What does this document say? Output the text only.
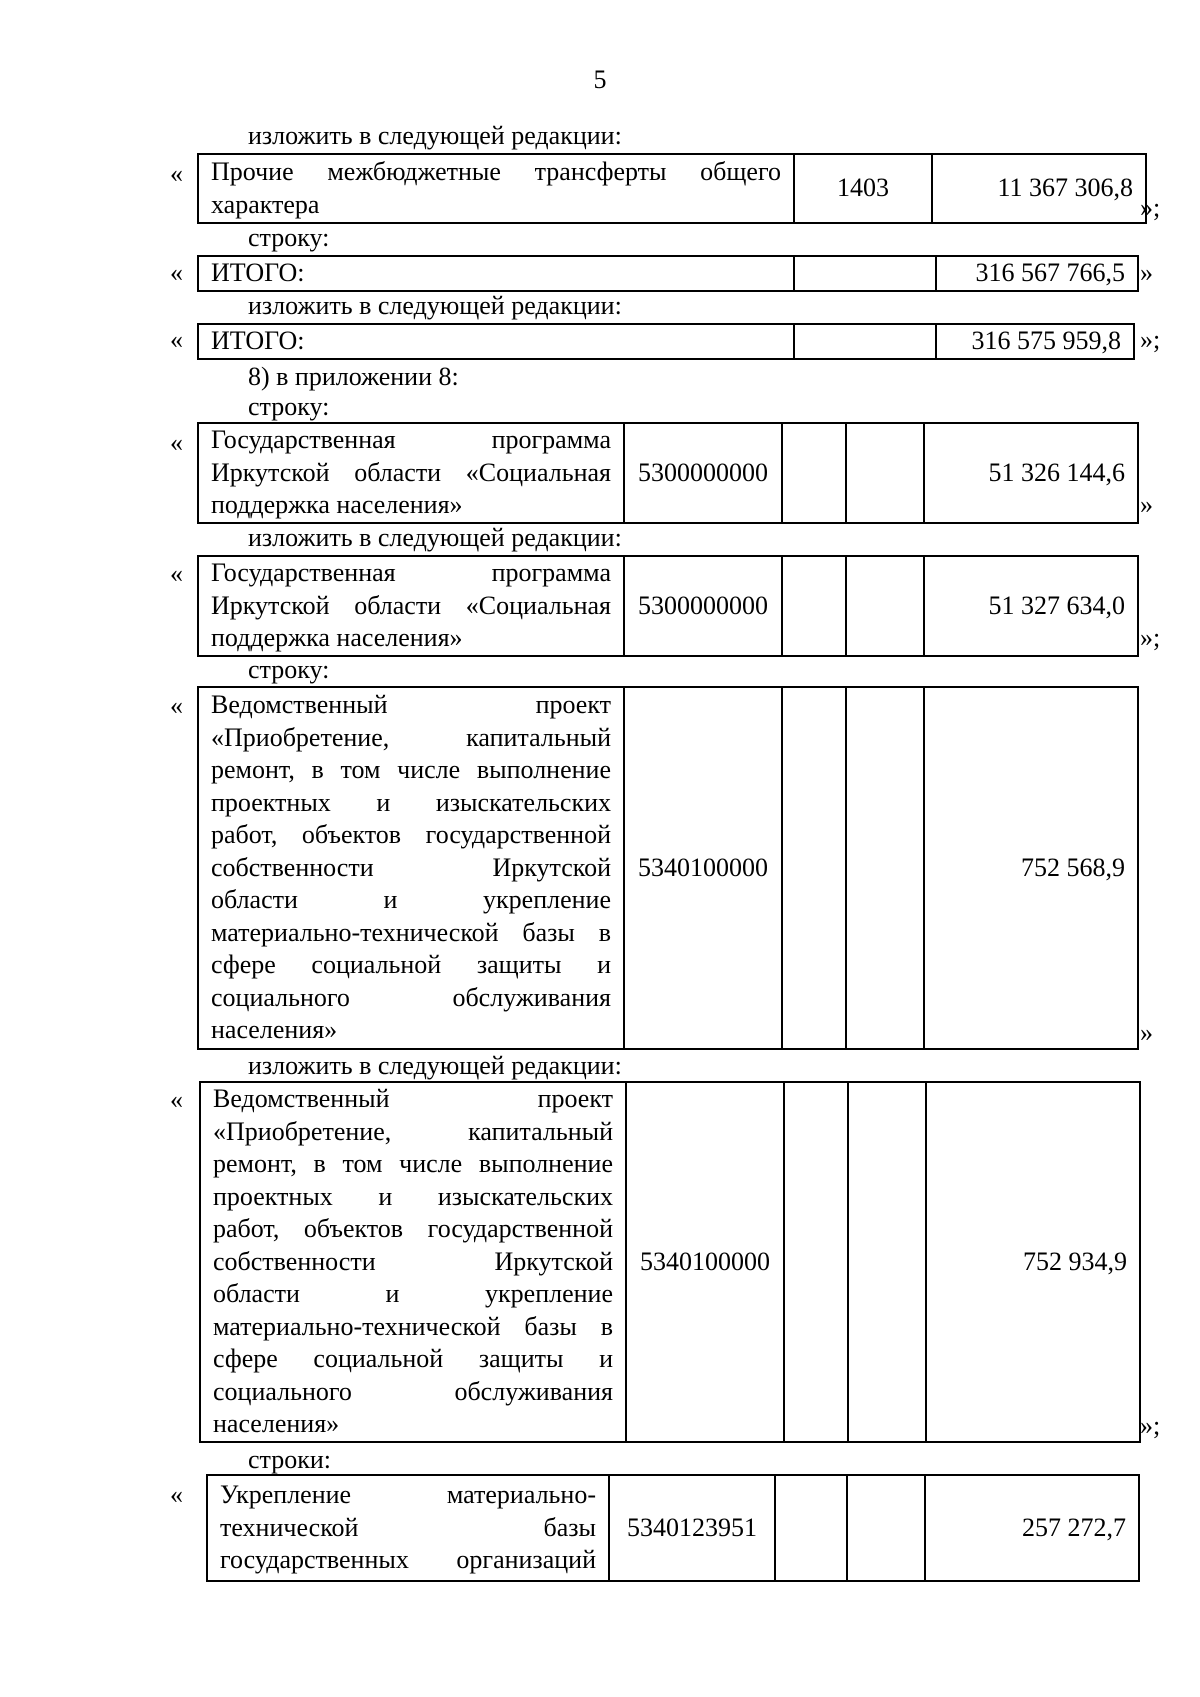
5
изложить в следующей редакции:
« Прочие межбюджетные трансферты общего
характера
	1403	11 367 306,8
»;
строку:
« ИТОГО:		316 567 766,5 »
изложить в следующей редакции:
« ИТОГО:		316 575 959,8 »;
8) в приложении 8:
строку:
« Государственная программа
Иркутской области «Социальная
поддержка населения»
	5300000000			51 326 144,6
»
изложить в следующей редакции:
« Государственная программа
Иркутской области «Социальная
поддержка населения»
	5300000000			51 327 634,0
»;
строку:
« Ведомственный проект
«Приобретение, капитальный
ремонт, в том числе выполнение
проектных и изыскательских
работ, объектов государственной
собственности Иркутской
области и укрепление
материально-технической базы в
сфере социальной защиты и
социального обслуживания
населения»
	5340100000			752 568,9
»
изложить в следующей редакции:
« Ведомственный проект
«Приобретение, капитальный
ремонт, в том числе выполнение
проектных и изыскательских
работ, объектов государственной
собственности Иркутской
области и укрепление
материально-технической базы в
сфере социальной защиты и
социального обслуживания
населения»
	5340100000			752 934,9
»;
строки:
« Укрепление материально-
технической базы
государственных организаций
	5340123951			257 272,7
